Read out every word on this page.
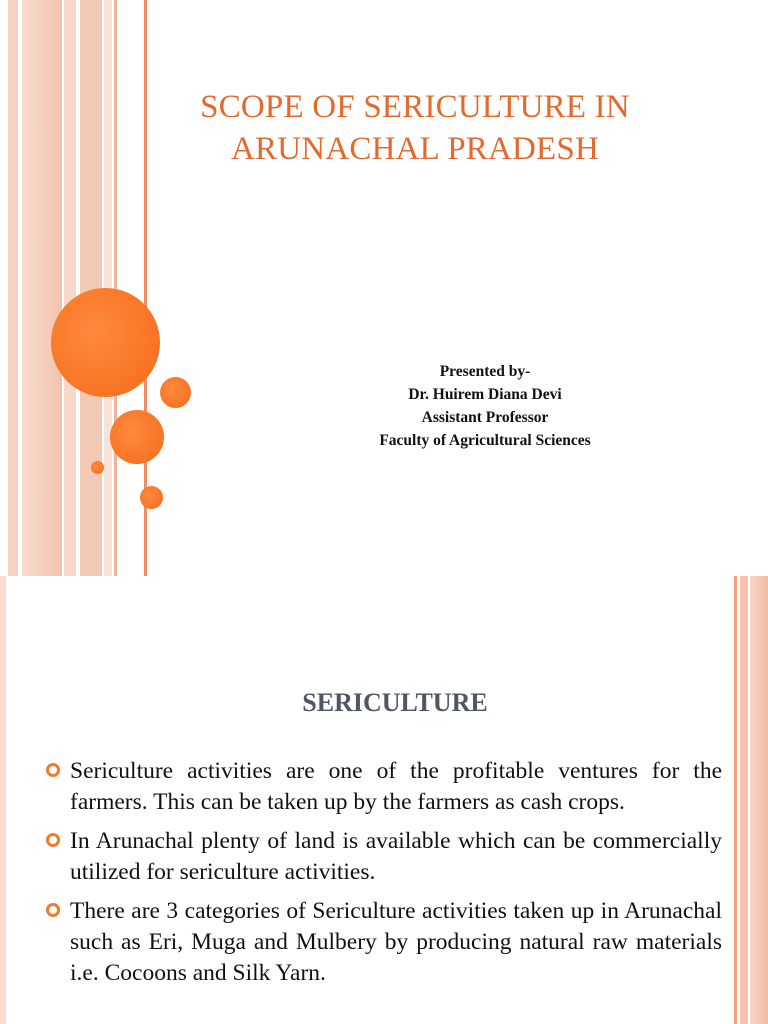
SCOPE OF SERICULTURE IN ARUNACHAL PRADESH
Presented by-
Dr. Huirem Diana Devi
Assistant Professor
Faculty of Agricultural Sciences
SERICULTURE
Sericulture activities are one of the profitable ventures for the farmers. This can be taken up by the farmers as cash crops.
In Arunachal plenty of land is available which can be commercially utilized for sericulture activities.
There are 3 categories of Sericulture activities taken up in Arunachal such as Eri, Muga and Mulbery by producing natural raw materials i.e. Cocoons and Silk Yarn.
